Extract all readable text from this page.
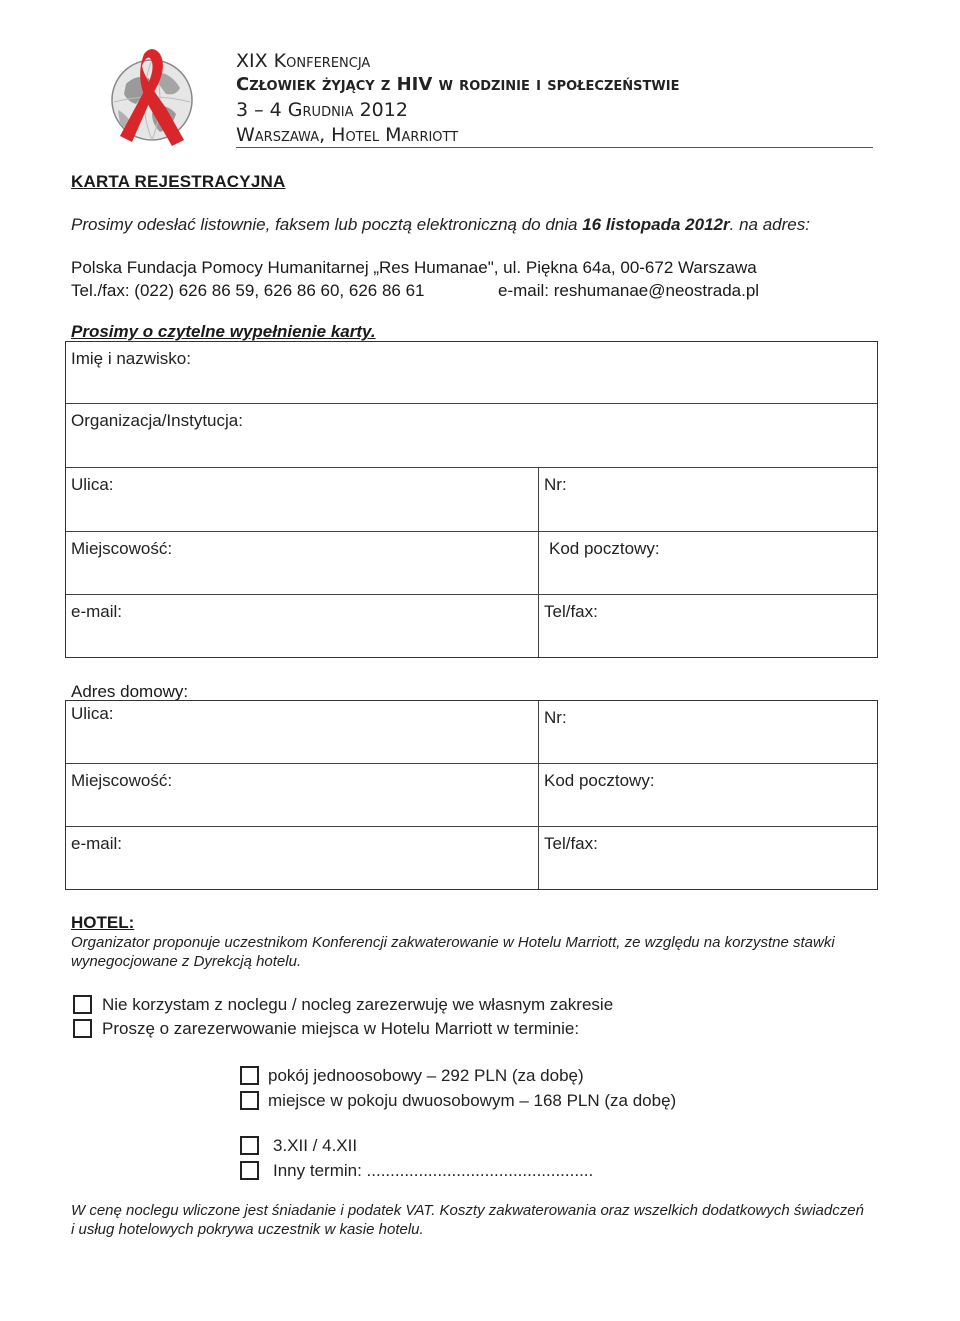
XIX Konferencja
Człowiek żyjący z HIV w rodzinie i społeczeństwie
3 – 4 Grudnia 2012
Warszawa, Hotel Marriott
KARTA REJESTRACYJNA
Prosimy odesłać listownie, faksem lub pocztą elektroniczną do dnia 16 listopada 2012r. na adres:
Polska Fundacja Pomocy Humanitarnej „Res Humanae", ul. Piękna 64a, 00-672 Warszawa
Tel./fax: (022) 626 86 59, 626 86 60, 626 86 61	e-mail: reshumanae@neostrada.pl
Prosimy o czytelne wypełnienie karty.
Imię i nazwisko:
Organizacja/Instytucja:
Ulica:	Nr:
Miejscowość:	Kod pocztowy:
e-mail:	Tel/fax:
Adres domowy:
Ulica:	Nr:
Miejscowość:	Kod pocztowy:
e-mail:	Tel/fax:
HOTEL:
Organizator proponuje uczestnikom Konferencji zakwaterowanie w Hotelu Marriott, ze względu na korzystne stawki wynegocjowane z Dyrekcją hotelu.
Nie korzystam z noclegu / nocleg zarezerwuję we własnym zakresie
Proszę o zarezerwowanie miejsca w Hotelu Marriott w terminie:
pokój jednoosobowy – 292 PLN (za dobę)
miejsce w pokoju dwuosobowym – 168 PLN (za dobę)
3.XII / 4.XII
Inny termin: ................................................
W cenę noclegu wliczone jest śniadanie i podatek VAT. Koszty zakwaterowania oraz wszelkich dodatkowych świadczeń i usług hotelowych pokrywa uczestnik w kasie hotelu.
